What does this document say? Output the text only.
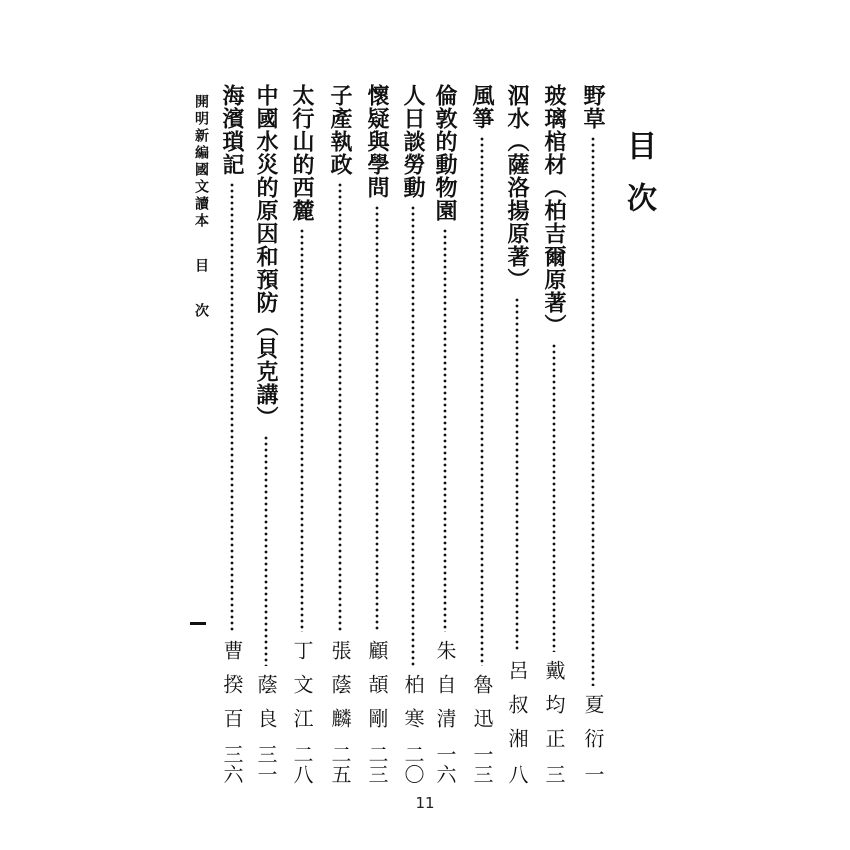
目次
野草
夏衍
一
玻璃棺材（柏吉爾原著）
戴均正
三
泅水（薩洛揚原著）
呂叔湘
八
風箏
魯迅
一三
倫敦的動物園
朱自清
一六
人日談勞動
柏寒
二〇
懷疑與學問
顧頡剛
二三
子產執政
張蔭麟
二五
太行山的西麓
丁文江
二八
中國水災的原因和預防（貝克講）
蔭良
三一
海濱瑣記
曹揆百
三六
開明新編國文讀本目次
11
